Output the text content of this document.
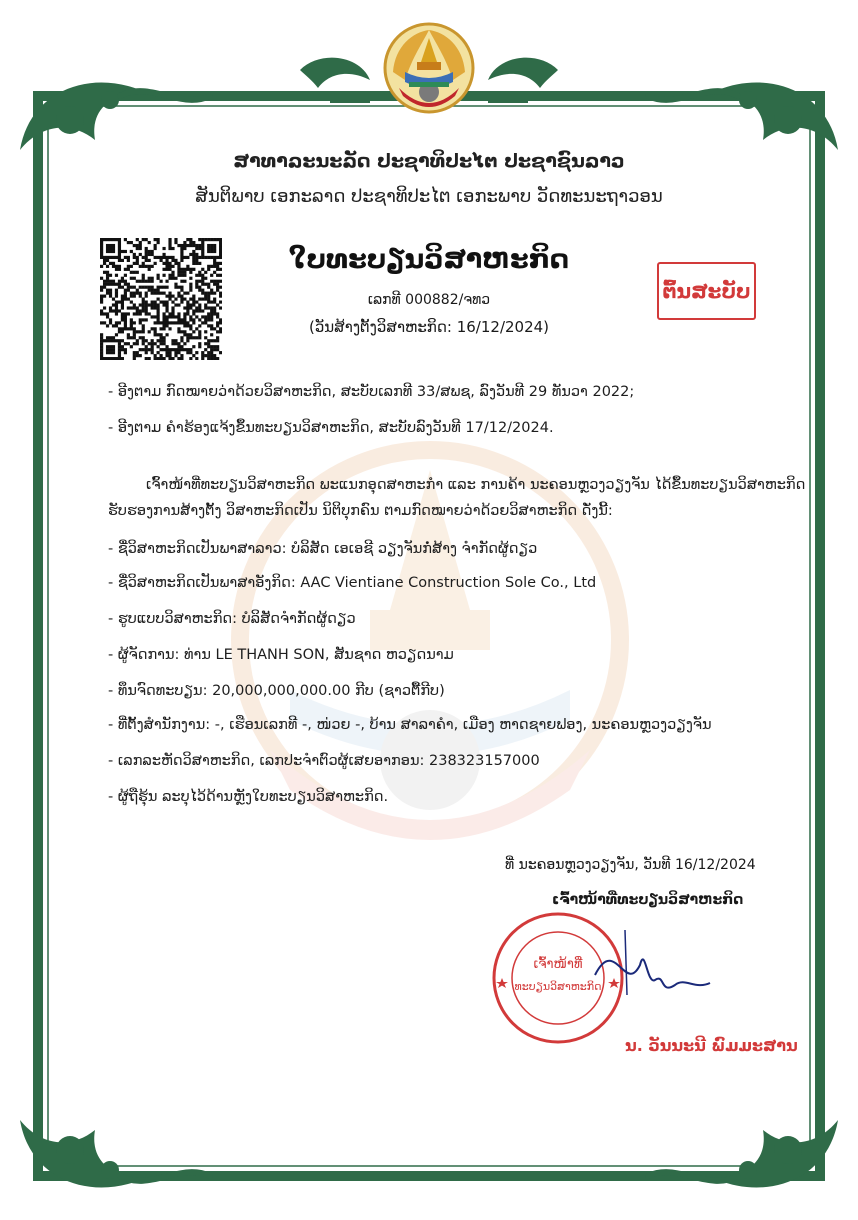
ສາທາລະນະລັດ ປະຊາທິປະໄຕ ປະຊາຊົນລາວ
ສັນຕິພາບ ເອກະລາດ ປະຊາທິປະໄຕ ເອກະພາບ ວັດທະນະຖາວອນ
ໃບທະບຽນວິສາຫະກິດ
ເລກທີ 000882/ຈທວ
(ວັນສ້າງຕັ້ງວິສາຫະກິດ: 16/12/2024)
ຕົ້ນສະບັບ
- ອີງຕາມ ກົດໝາຍວ່າດ້ວຍວິສາຫະກິດ, ສະບັບເລກທີ 33/ສພຊ, ລົງວັນທີ 29 ທັນວາ 2022;
- ອີງຕາມ ຄຳຮ້ອງແຈ້ງຂຶ້ນທະບຽນວິສາຫະກິດ, ສະບັບລົງວັນທີ 17/12/2024.
ເຈົ້າໜ້າທີ່ທະບຽນວິສາຫະກິດ ພະແນກອຸດສາຫະກຳ ແລະ ການຄ້າ ນະຄອນຫຼວງວຽງຈັນ ໄດ້ຂຶ້ນທະບຽນວິສາຫະກິດ
ຮັບຮອງການສ້າງຕັ້ງ ວິສາຫະກິດເປັນ ນິຕິບຸກຄົນ ຕາມກົດໝາຍວ່າດ້ວຍວິສາຫະກິດ ດັ່ງນີ້:
- ຊື່ວິສາຫະກິດເປັນພາສາລາວ: ບໍລິສັດ ເອເອຊີ ວຽງຈັນກໍ່ສ້າງ ຈຳກັດຜູ້ດຽວ
- ຊື່ວິສາຫະກິດເປັນພາສາອັງກິດ: AAC Vientiane Construction Sole Co., Ltd
- ຮູບແບບວິສາຫະກິດ: ບໍລິສັດຈຳກັດຜູ້ດຽວ
- ຜູ້ຈັດການ: ທ່ານ LE THANH SON, ສັນຊາດ ຫວຽດນາມ
- ທຶນຈົດທະບຽນ: 20,000,000,000.00 ກີບ (ຊາວຕື້ກີບ)
- ທີ່ຕັ້ງສຳນັກງານ: -, ເຮືອນເລກທີ -, ໜ່ວຍ -, ບ້ານ ສາລາຄຳ, ເມືອງ ຫາດຊາຍຟອງ, ນະຄອນຫຼວງວຽງຈັນ
- ເລກລະຫັດວິສາຫະກິດ, ເລກປະຈຳຕົວຜູ້ເສຍອາກອນ: 238323157000
- ຜູ້ຖືຮຸ້ນ ລະບຸໄວ້ດ້ານຫຼັງໃບທະບຽນວິສາຫະກິດ.
ທີ່ ນະຄອນຫຼວງວຽງຈັນ, ວັນທີ 16/12/2024
ເຈົ້າໜ້າທີ່ທະບຽນວິສາຫະກິດ
ເຈົ້າໜ້າທີ່
ທະບຽນວິສາຫະກິດ
ນ. ວັນນະນີ ພົມມະສານ
